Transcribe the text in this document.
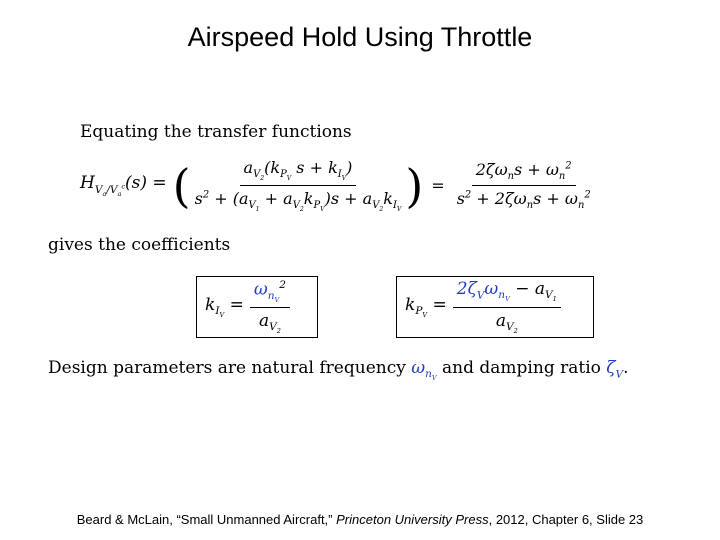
Airspeed Hold Using Throttle
Equating the transfer functions
$H_{V_a/V_a^c}(s)$ = ( $\frac{a_{V_2}(k_{P_V} s + k_{I_V})}{s^2 + (a_{V_1} + a_{V_2}k_{P_V})s + a_{V_2}k_{I_V}}$ ) = $\frac{2\zeta\omega_ns + \omega_n^2}{s^2 + 2\zeta\omega_ns + \omega_n^2}$
gives the coefficients
$k_{I_V} = \frac{\omega_{n_V}^2}{a_{V_2}}$	$k_{P_V} = \frac{2\zeta_V\omega_{n_V} - a_{V_1}}{a_{V_2}}$
Design parameters are natural frequency $\omega_{n_V}$ and damping ratio $\zeta_V$.
Beard & McLain, “Small Unmanned Aircraft,” Princeton University Press, 2012, Chapter 6, Slide 23
